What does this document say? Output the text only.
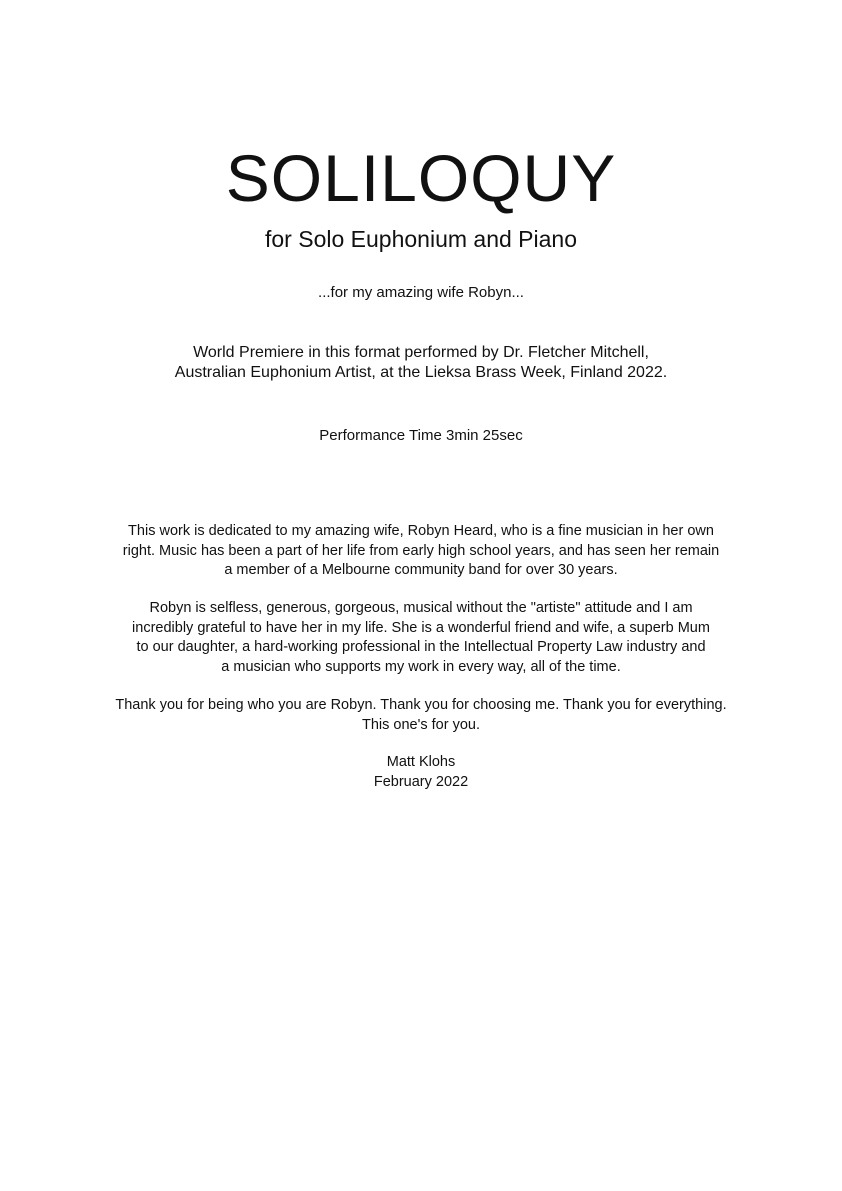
SOLILOQUY
for Solo Euphonium and Piano
...for my amazing wife Robyn...
World Premiere in this format performed by Dr. Fletcher Mitchell,
Australian Euphonium Artist, at the Lieksa Brass Week, Finland 2022.
Performance Time 3min 25sec
This work is dedicated to my amazing wife, Robyn Heard, who is a fine musician in her own
right. Music has been a part of her life from early high school years, and has seen her remain
a member of a Melbourne community band for over 30 years.
Robyn is selfless, generous, gorgeous, musical without the "artiste" attitude and I am
incredibly grateful to have her in my life. She is a wonderful friend and wife, a superb Mum
to our daughter, a hard-working professional in the Intellectual Property Law industry and
a musician who supports my work in every way, all of the time.
Thank you for being who you are Robyn. Thank you for choosing me. Thank you for everything.
This one's for you.
Matt Klohs
February 2022
